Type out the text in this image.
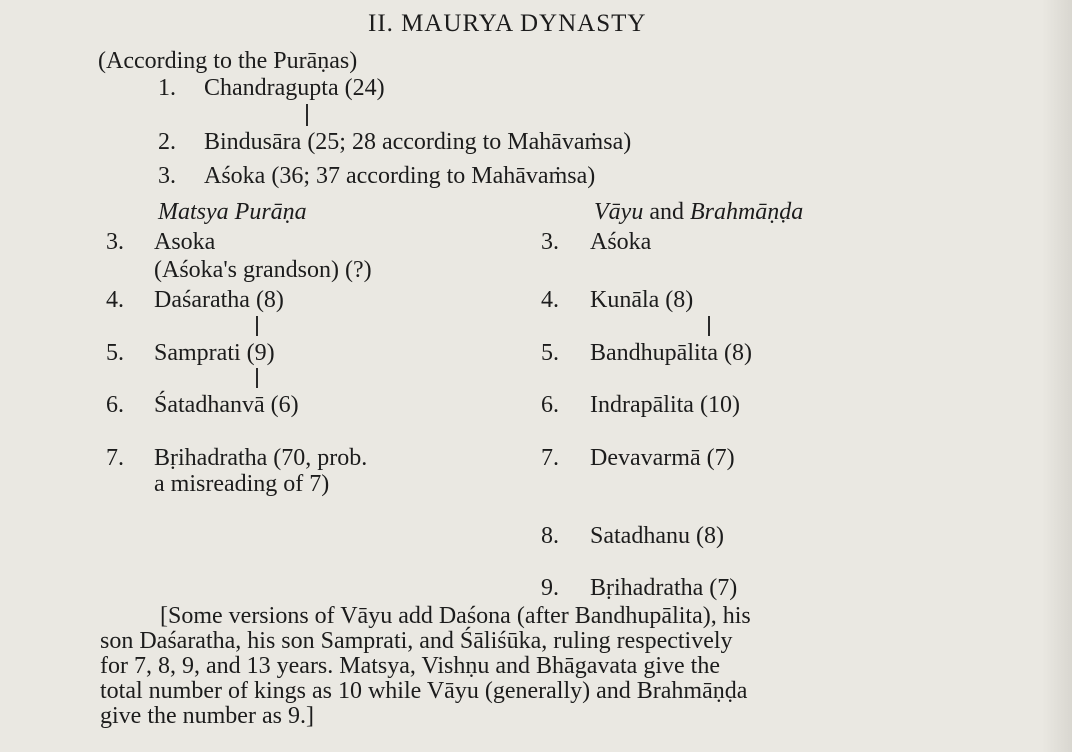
II. MAURYA DYNASTY
(According to the Purāṇas)
1. Chandragupta (24)
2. Bindusāra (25; 28 according to Mahāvaṁsa)
3. Aśoka (36; 37 according to Mahāvaṁsa)
Matsya Purāṇa	Vāyu and Brahmāṇḍa
3. Asoka
(Aśoka's grandson) (?)
4. Daśaratha (8)
5. Samprati (9)
6. Śatadhanvā (6)
7. Bṛihadratha (70, prob.
a misreading of 7)
3. Aśoka
4. Kunāla (8)
5. Bandhupālita (8)
6. Indrapālita (10)
7. Devavarmā (7)
8. Satadhanu (8)
9. Bṛihadratha (7)
[Some versions of Vāyu add Daśona (after Bandhupālita), his
son Daśaratha, his son Samprati, and Śāliśūka, ruling respectively
for 7, 8, 9, and 13 years. Matsya, Vishṇu and Bhāgavata give the
total number of kings as 10 while Vāyu (generally) and Brahmāṇḍa
give the number as 9.]
